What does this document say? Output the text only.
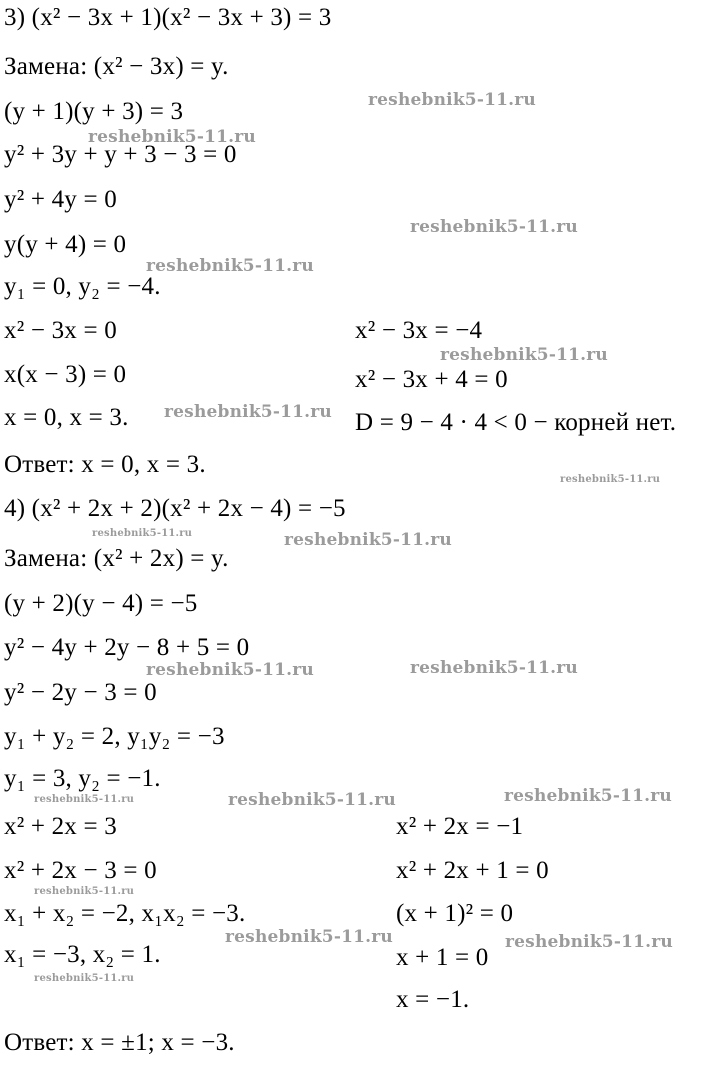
3) (x² − 3x + 1)(x² − 3x + 3) = 3
Замена: (x² − 3x) = y.
(y + 1)(y + 3) = 3
y² + 3y + y + 3 − 3 = 0
y² + 4y = 0
y(y + 4) = 0
y₁ = 0, y₂ = −4.
x² − 3x = 0
x(x − 3) = 0
x = 0, x = 3.
x² − 3x = −4
x² − 3x + 4 = 0
D = 9 − 4 · 4 < 0 − корней нет.
Ответ: x = 0, x = 3.
4) (x² + 2x + 2)(x² + 2x − 4) = −5
Замена: (x² + 2x) = y.
(y + 2)(y − 4) = −5
y² − 4y + 2y − 8 + 5 = 0
y² − 2y − 3 = 0
y₁ + y₂ = 2, y₁y₂ = −3
y₁ = 3, y₂ = −1.
x² + 2x = 3
x² + 2x − 3 = 0
x₁ + x₂ = −2, x₁x₂ = −3.
x₁ = −3, x₂ = 1.
x² + 2x = −1
x² + 2x + 1 = 0
(x + 1)² = 0
x + 1 = 0
x = −1.
Ответ: x = ±1; x = −3.
reshebnik5-11.ru
reshebnik5-11.ru
reshebnik5-11.ru
reshebnik5-11.ru
reshebnik5-11.ru
reshebnik5-11.ru
reshebnik5-11.ru
reshebnik5-11.ru	reshebnik5-11.ru
reshebnik5-11.ru	reshebnik5-11.ru
reshebnik5-11.ru	reshebnik5-11.ru	reshebnik5-11.ru
reshebnik5-11.ru
reshebnik5-11.ru	reshebnik5-11.ru
reshebnik5-11.ru
